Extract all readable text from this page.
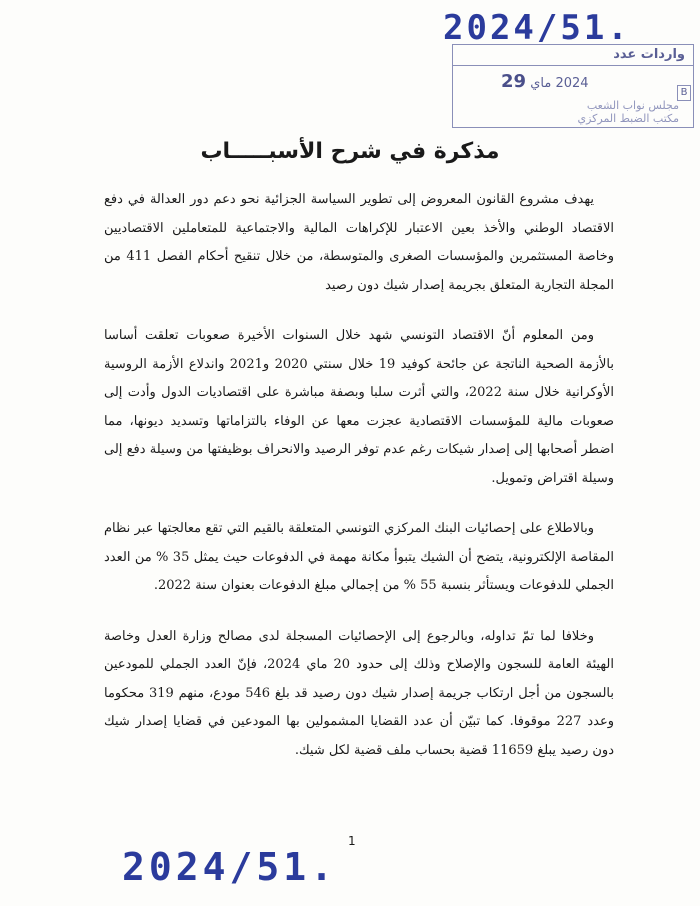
2024/51.
واردات عدد
2024 ماي 29
B
مجلس نواب الشعب
مكتب الضبط المركزي
مذكرة في شرح الأسبـــــاب

يهدف مشروع القانون المعروض إلى تطوير السياسة الجزائية نحو دعم دور العدالة في دفع الاقتصاد الوطني والأخذ بعين الاعتبار للإكراهات المالية والاجتماعية للمتعاملين الاقتصاديين وخاصة المستثمرين والمؤسسات الصغرى والمتوسطة، من خلال تنقيح أحكام الفصل 411 من المجلة التجارية المتعلق بجريمة إصدار شيك دون رصيد

ومن المعلوم أنّ الاقتصاد التونسي شهد خلال السنوات الأخيرة صعوبات تعلقت أساسا بالأزمة الصحية الناتجة عن جائحة كوفيد 19 خلال سنتي 2020 و2021 واندلاع الأزمة الروسية الأوكرانية خلال سنة 2022، والتي أثرت سلبا وبصفة مباشرة على اقتصاديات الدول وأدت إلى صعوبات مالية للمؤسسات الاقتصادية عجزت معها عن الوفاء بالتزاماتها وتسديد ديونها، مما اضطر أصحابها إلى إصدار شيكات رغم عدم توفر الرصيد والانحراف بوظيفتها من وسيلة دفع إلى وسيلة اقتراض وتمويل.

وبالاطلاع على إحصائيات البنك المركزي التونسي المتعلقة بالقيم التي تقع معالجتها عبر نظام المقاصة الإلكترونية، يتضح أن الشيك يتبوأ مكانة مهمة في الدفوعات حيث يمثل 35 % من العدد الجملي للدفوعات ويستأثر بنسبة 55 % من إجمالي مبلغ الدفوعات بعنوان سنة 2022.

وخلافا لما تمّ تداوله، وبالرجوع إلى الإحصائيات المسجلة لدى مصالح وزارة العدل وخاصة الهيئة العامة للسجون والإصلاح وذلك إلى حدود 20 ماي 2024، فإنّ العدد الجملي للمودعين بالسجون من أجل ارتكاب جريمة إصدار شيك دون رصيد قد بلغ 546 مودع، منهم 319 محكوما وعدد 227 موقوفا. كما تبيّن أن عدد القضايا المشمولين بها المودعين في قضايا إصدار شيك دون رصيد يبلغ 11659 قضية بحساب ملف قضية لكل شيك.

1
2024/51.
